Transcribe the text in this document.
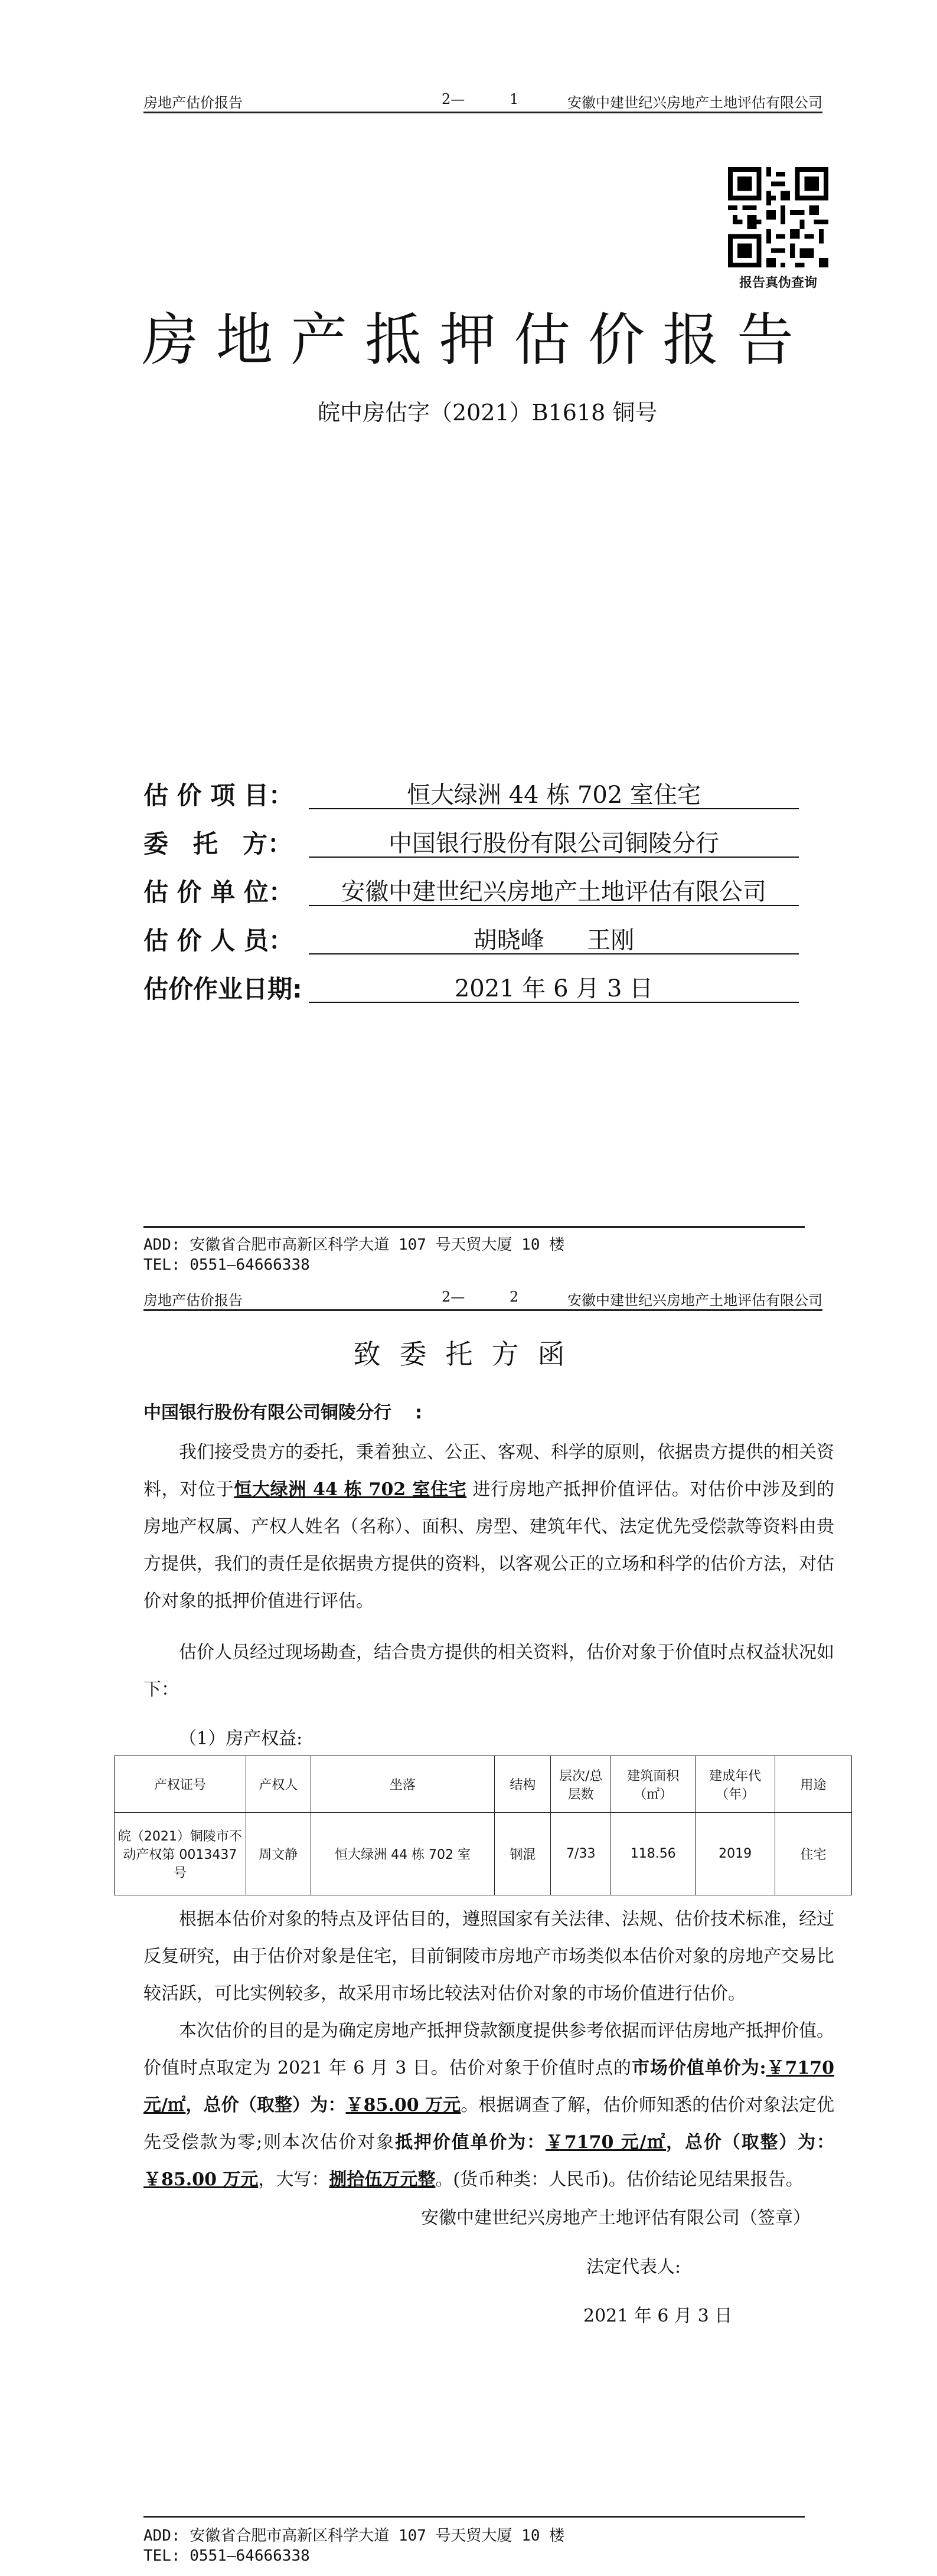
房地产估价报告	2—	1	安徽中建世纪兴房地产土地评估有限公司
报告真伪查询
房地产抵押估价报告
皖中房估字（2021）B1618 铜号
估 价 项 目：	恒大绿洲 44 栋 702 室住宅
委　托　方：	中国银行股份有限公司铜陵分行
估 价 单 位：	安徽中建世纪兴房地产土地评估有限公司
估 价 人 员：	胡晓峰 王刚
估价作业日期:	2021 年 6 月 3 日
ADD: 安徽省合肥市高新区科学大道 107 号天贸大厦 10 楼
TEL: 0551—64666338
房地产估价报告	2—	2	安徽中建世纪兴房地产土地评估有限公司
致委托方函
中国银行股份有限公司铜陵分行 :
我们接受贵方的委托，秉着独立、公正、客观、科学的原则，依据贵方提供的相关资料，对位于恒大绿洲 44 栋 702 室住宅 进行房地产抵押价值评估。对估价中涉及到的房地产权属、产权人姓名（名称）、面积、房型、建筑年代、法定优先受偿款等资料由贵方提供，我们的责任是依据贵方提供的资料，以客观公正的立场和科学的估价方法，对估价对象的抵押价值进行评估。
估价人员经过现场勘查，结合贵方提供的相关资料，估价对象于价值时点权益状况如下：
（1）房产权益:
产权证号	产权人	坐落	结构	层次/总层数	建筑面积（㎡）	建成年代（年）	用途
皖（2021）铜陵市不动产权第 0013437 号	周文静	恒大绿洲 44 栋 702 室	钢混	7/33	118.56	2019	住宅
根据本估价对象的特点及评估目的，遵照国家有关法律、法规、估价技术标准，经过反复研究，由于估价对象是住宅，目前铜陵市房地产市场类似本估价对象的房地产交易比较活跃，可比实例较多，故采用市场比较法对估价对象的市场价值进行估价。
本次估价的目的是为确定房地产抵押贷款额度提供参考依据而评估房地产抵押价值。价值时点取定为 2021 年 6 月 3 日。估价对象于价值时点的市场价值单价为:￥7170 元/㎡，总价（取整）为：￥85.00 万元。根据调查了解，估价师知悉的估价对象法定优先受偿款为零;则本次估价对象抵押价值单价为：￥7170 元/㎡，总价（取整）为：￥85.00 万元，大写：捌拾伍万元整。(货币种类：人民币)。估价结论见结果报告。
安徽中建世纪兴房地产土地评估有限公司（签章）
法定代表人:
2021 年 6 月 3 日
ADD: 安徽省合肥市高新区科学大道 107 号天贸大厦 10 楼
TEL: 0551—64666338
